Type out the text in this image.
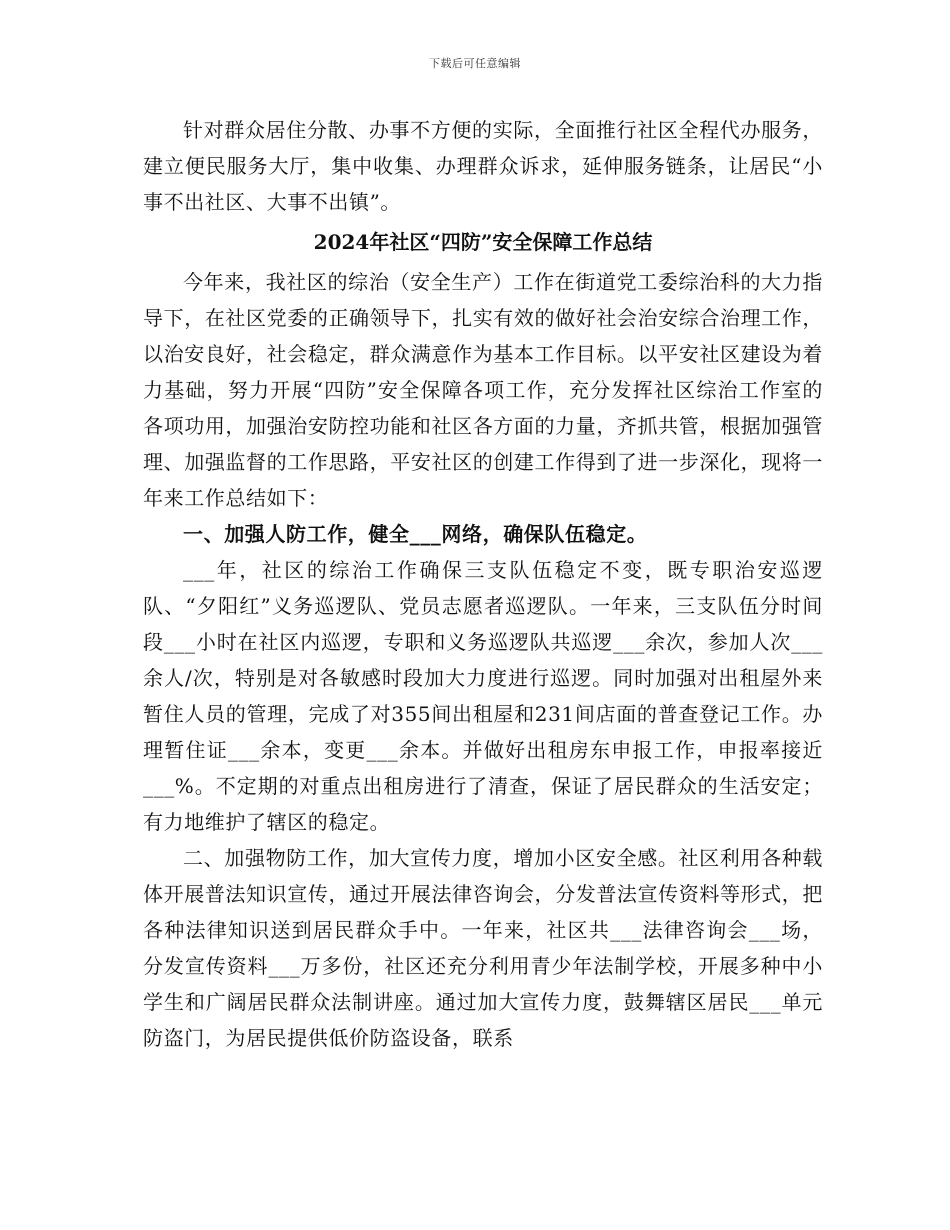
下载后可任意编辑

针对群众居住分散、办事不方便的实际，全面推行社区全程代办服务，建立便民服务大厅，集中收集、办理群众诉求，延伸服务链条，让居民“小事不出社区、大事不出镇”。

2024年社区“四防”安全保障工作总结

今年来，我社区的综治（安全生产）工作在街道党工委综治科的大力指导下，在社区党委的正确领导下，扎实有效的做好社会治安综合治理工作，以治安良好，社会稳定，群众满意作为基本工作目标。以平安社区建设为着力基础，努力开展“四防”安全保障各项工作，充分发挥社区综治工作室的各项功用，加强治安防控功能和社区各方面的力量，齐抓共管，根据加强管理、加强监督的工作思路，平安社区的创建工作得到了进一步深化，现将一年来工作总结如下：

一、加强人防工作，健全___网络，确保队伍稳定。

___年，社区的综治工作确保三支队伍稳定不变，既专职治安巡逻队、“夕阳红”义务巡逻队、党员志愿者巡逻队。一年来，三支队伍分时间段___小时在社区内巡逻，专职和义务巡逻队共巡逻___余次，参加人次___余人/次，特别是对各敏感时段加大力度进行巡逻。同时加强对出租屋外来暂住人员的管理，完成了对355间出租屋和231间店面的普查登记工作。办理暂住证___余本，变更___余本。并做好出租房东申报工作，申报率接近___%。不定期的对重点出租房进行了清查，保证了居民群众的生活安定；有力地维护了辖区的稳定。

二、加强物防工作，加大宣传力度，增加小区安全感。社区利用各种载体开展普法知识宣传，通过开展法律咨询会，分发普法宣传资料等形式，把各种法律知识送到居民群众手中。一年来，社区共___法律咨询会___场，分发宣传资料___万多份，社区还充分利用青少年法制学校，开展多种中小学生和广阔居民群众法制讲座。通过加大宣传力度，鼓舞辖区居民___单元防盗门，为居民提供低价防盗设备，联系
